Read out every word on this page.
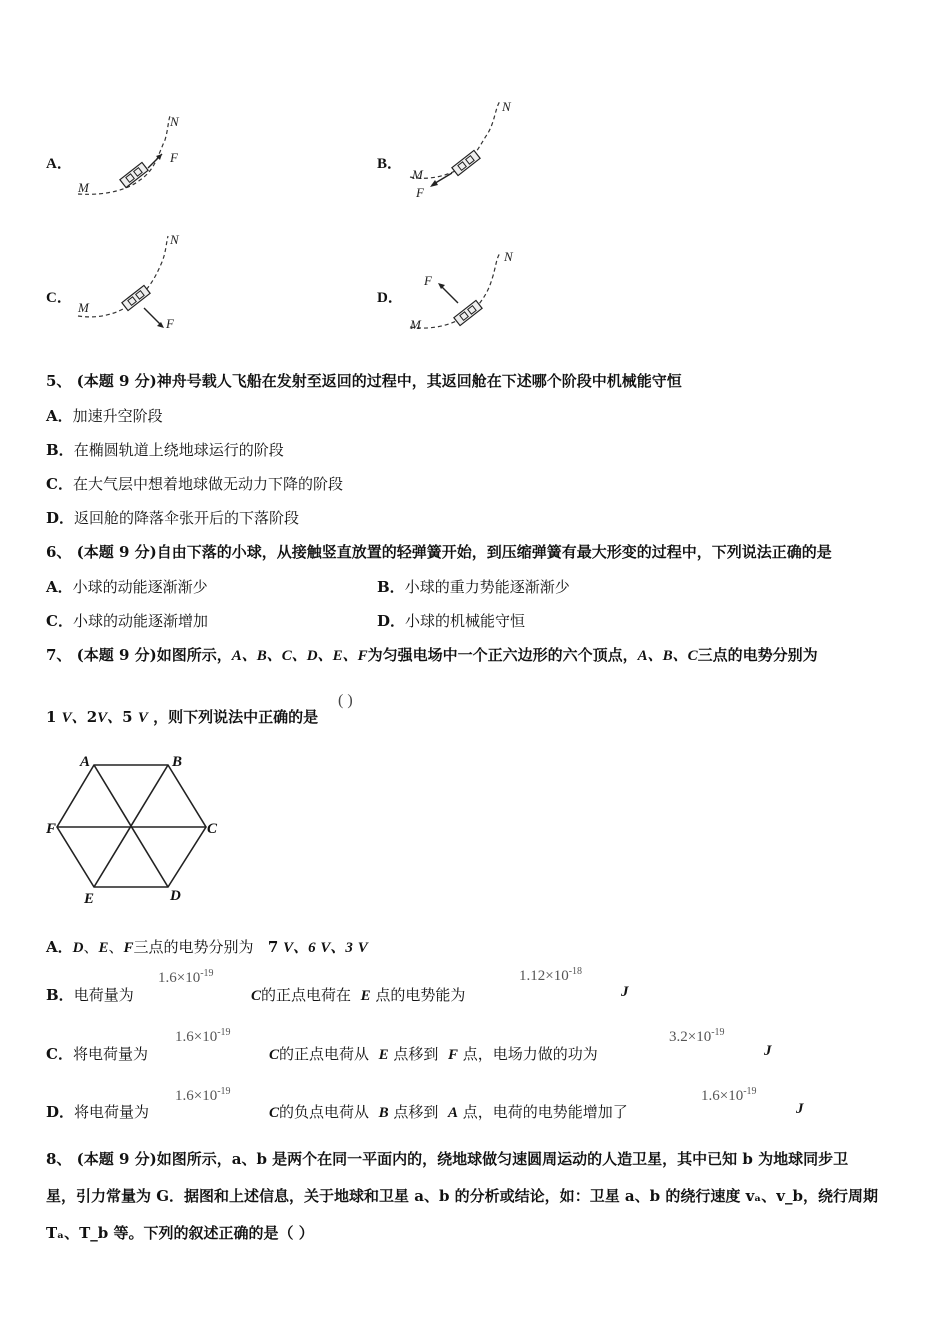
A．
N
F
M
B．
N
M
F
C．
N
M
F
D．
N
F
M
5、 (本题 9 分)神舟号载人飞船在发射至返回的过程中，其返回舱在下述哪个阶段中机械能守恒
A．加速升空阶段
B．在椭圆轨道上绕地球运行的阶段
C．在大气层中想着地球做无动力下降的阶段
D．返回舱的降落伞张开后的下落阶段
6、 (本题 9 分)自由下落的小球，从接触竖直放置的轻弹簧开始，到压缩弹簧有最大形变的过程中，下列说法正确的是
A．小球的动能逐渐渐少	B．小球的重力势能逐渐渐少
C．小球的动能逐渐增加	D．小球的机械能守恒
7、 (本题 9 分)如图所示，A、B、C、D、E、F为匀强电场中一个正六边形的六个顶点，A、B、C三点的电势分别为
1 V、2V、5 V ，则下列说法中正确的是
( )
A	B
C
D
E
F
A．D、E、F三点的电势分别为 7 V、6 V、3 V
B．电荷量为
$1.6\times 10^{-19}$
C的正点电荷在 E 点的电势能为
$1.12\times 10^{-18}$
J
C．将电荷量为
$1.6\times 10^{-19}$
C的正点电荷从 E 点移到 F 点，电场力做的功为
$3.2\times 10^{-19}$
J
D．将电荷量为
$1.6\times 10^{-19}$
C的负点电荷从 B 点移到 A 点，电荷的电势能增加了
$1.6\times 10^{-19}$
J
8、 (本题 9 分)如图所示，a、b 是两个在同一平面内的，绕地球做匀速圆周运动的人造卫星，其中已知 b 为地球同步卫
星，引力常量为 G．据图和上述信息，关于地球和卫星 a、b 的分析或结论，如：卫星 a、b 的绕行速度 vₐ、v_b，绕行周期
Tₐ、T_b 等。下列的叙述正确的是（ ）
